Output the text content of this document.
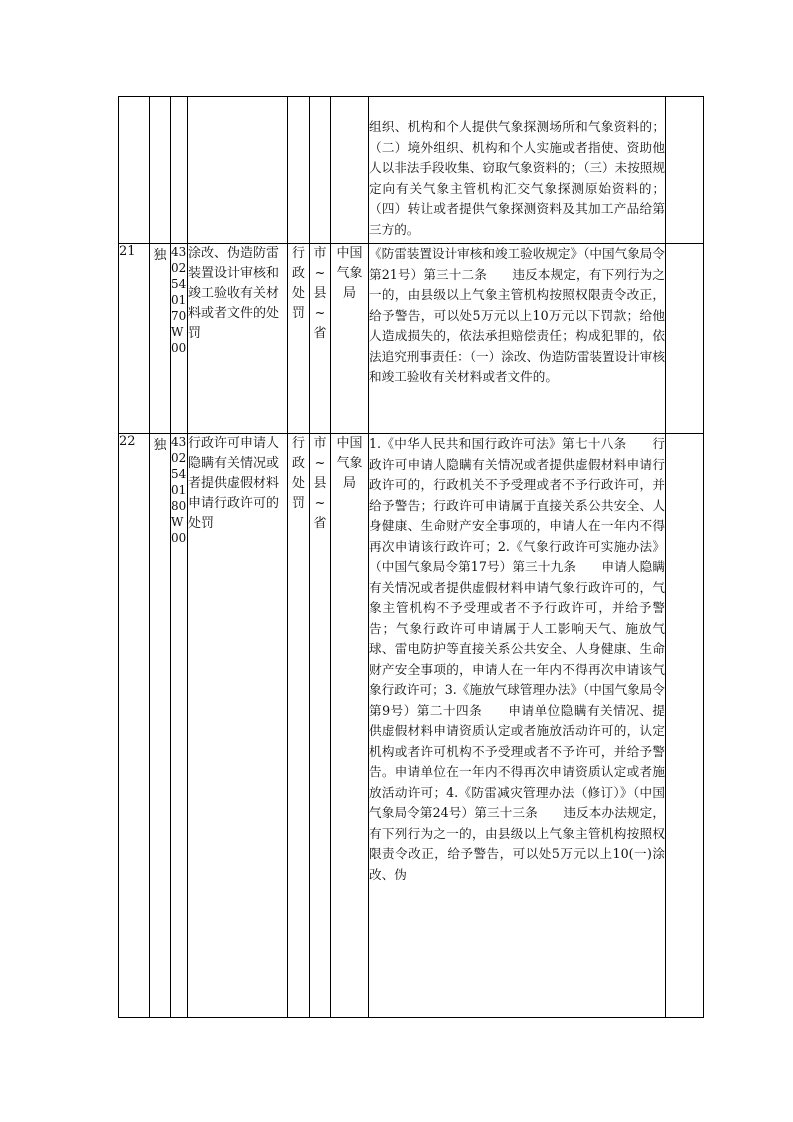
							组织、机构和个人提供气象探测场所和气象资料的；（二）境外组织、机构和个人实施或者指使、资助他人以非法手段收集、窃取气象资料的；（三）未按照规定向有关气象主管机构汇交气象探测原始资料的；（四）转让或者提供气象探测资料及其加工产品给第三方的。	
21	独	4302540170W00	涂改、伪造防雷装置设计审核和竣工验收有关材料或者文件的处罚	行政处罚	市~县~省	中国气象局	《防雷装置设计审核和竣工验收规定》（中国气象局令第21号）第三十二条　　违反本规定，有下列行为之一的，由县级以上气象主管机构按照权限责令改正，给予警告，可以处5万元以上10万元以下罚款；给他人造成损失的，依法承担赔偿责任；构成犯罪的，依法追究刑事责任：（一）涂改、伪造防雷装置设计审核和竣工验收有关材料或者文件的。	
22	独	4302540180W00	行政许可申请人隐瞒有关情况或者提供虚假材料申请行政许可的处罚	行政处罚	市~县~省	中国气象局	1.《中华人民共和国行政许可法》第七十八条　　行政许可申请人隐瞒有关情况或者提供虚假材料申请行政许可的，行政机关不予受理或者不予行政许可，并给予警告；行政许可申请属于直接关系公共安全、人身健康、生命财产安全事项的，申请人在一年内不得再次申请该行政许可；2.《气象行政许可实施办法》（中国气象局令第17号）第三十九条　　申请人隐瞒有关情况或者提供虚假材料申请气象行政许可的，气象主管机构不予受理或者不予行政许可，并给予警告；气象行政许可申请属于人工影响天气、施放气球、雷电防护等直接关系公共安全、人身健康、生命财产安全事项的，申请人在一年内不得再次申请该气象行政许可；3.《施放气球管理办法》（中国气象局令第9号）第二十四条　　申请单位隐瞒有关情况、提供虚假材料申请资质认定或者施放活动许可的，认定机构或者许可机构不予受理或者不予许可，并给予警告。申请单位在一年内不得再次申请资质认定或者施放活动许可；4.《防雷减灾管理办法（修订）》（中国气象局令第24号）第三十三条　　违反本办法规定，有下列行为之一的，由县级以上气象主管机构按照权限责令改正，给予警告，可以处5万元以上10(一)涂改、伪	
